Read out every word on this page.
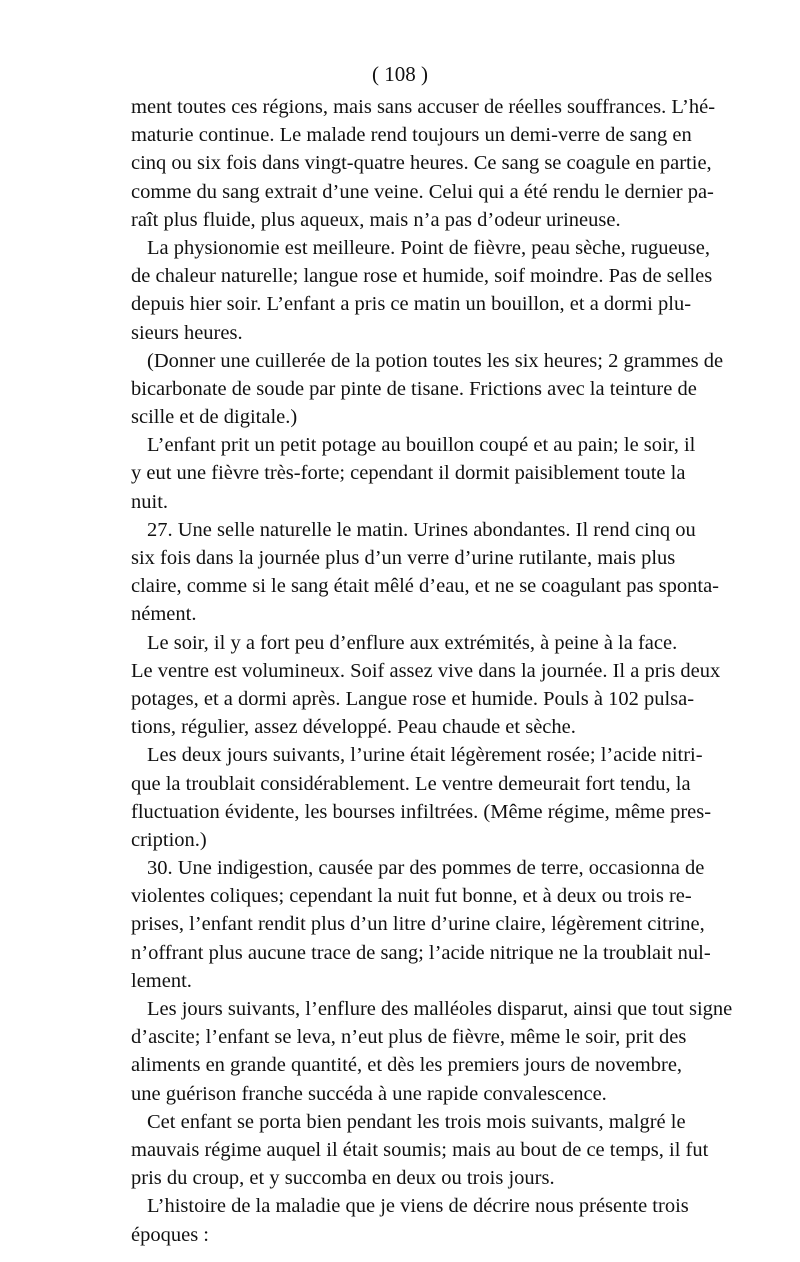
( 108 )

ment toutes ces régions, mais sans accuser de réelles souffrances. L’hé-
maturie continue. Le malade rend toujours un demi-verre de sang en
cinq ou six fois dans vingt-quatre heures. Ce sang se coagule en partie,
comme du sang extrait d’une veine. Celui qui a été rendu le dernier pa-
raît plus fluide, plus aqueux, mais n’a pas d’odeur urineuse.

La physionomie est meilleure. Point de fièvre, peau sèche, rugueuse,
de chaleur naturelle; langue rose et humide, soif moindre. Pas de selles
depuis hier soir. L’enfant a pris ce matin un bouillon, et a dormi plu-
sieurs heures.

(Donner une cuillerée de la potion toutes les six heures; 2 grammes de
bicarbonate de soude par pinte de tisane. Frictions avec la teinture de
scille et de digitale.)

L’enfant prit un petit potage au bouillon coupé et au pain; le soir, il
y eut une fièvre très-forte; cependant il dormit paisiblement toute la
nuit.

27. Une selle naturelle le matin. Urines abondantes. Il rend cinq ou
six fois dans la journée plus d’un verre d’urine rutilante, mais plus
claire, comme si le sang était mêlé d’eau, et ne se coagulant pas sponta-
nément.

Le soir, il y a fort peu d’enflure aux extrémités, à peine à la face.
Le ventre est volumineux. Soif assez vive dans la journée. Il a pris deux
potages, et a dormi après. Langue rose et humide. Pouls à 102 pulsa-
tions, régulier, assez développé. Peau chaude et sèche.

Les deux jours suivants, l’urine était légèrement rosée; l’acide nitri-
que la troublait considérablement. Le ventre demeurait fort tendu, la
fluctuation évidente, les bourses infiltrées. (Même régime, même pres-
cription.)

30. Une indigestion, causée par des pommes de terre, occasionna de
violentes coliques; cependant la nuit fut bonne, et à deux ou trois re-
prises, l’enfant rendit plus d’un litre d’urine claire, légèrement citrine,
n’offrant plus aucune trace de sang; l’acide nitrique ne la troublait nul-
lement.

Les jours suivants, l’enflure des malléoles disparut, ainsi que tout signe
d’ascite; l’enfant se leva, n’eut plus de fièvre, même le soir, prit des
aliments en grande quantité, et dès les premiers jours de novembre,
une guérison franche succéda à une rapide convalescence.

Cet enfant se porta bien pendant les trois mois suivants, malgré le
mauvais régime auquel il était soumis; mais au bout de ce temps, il fut
pris du croup, et y succomba en deux ou trois jours.

L’histoire de la maladie que je viens de décrire nous présente trois
époques :
